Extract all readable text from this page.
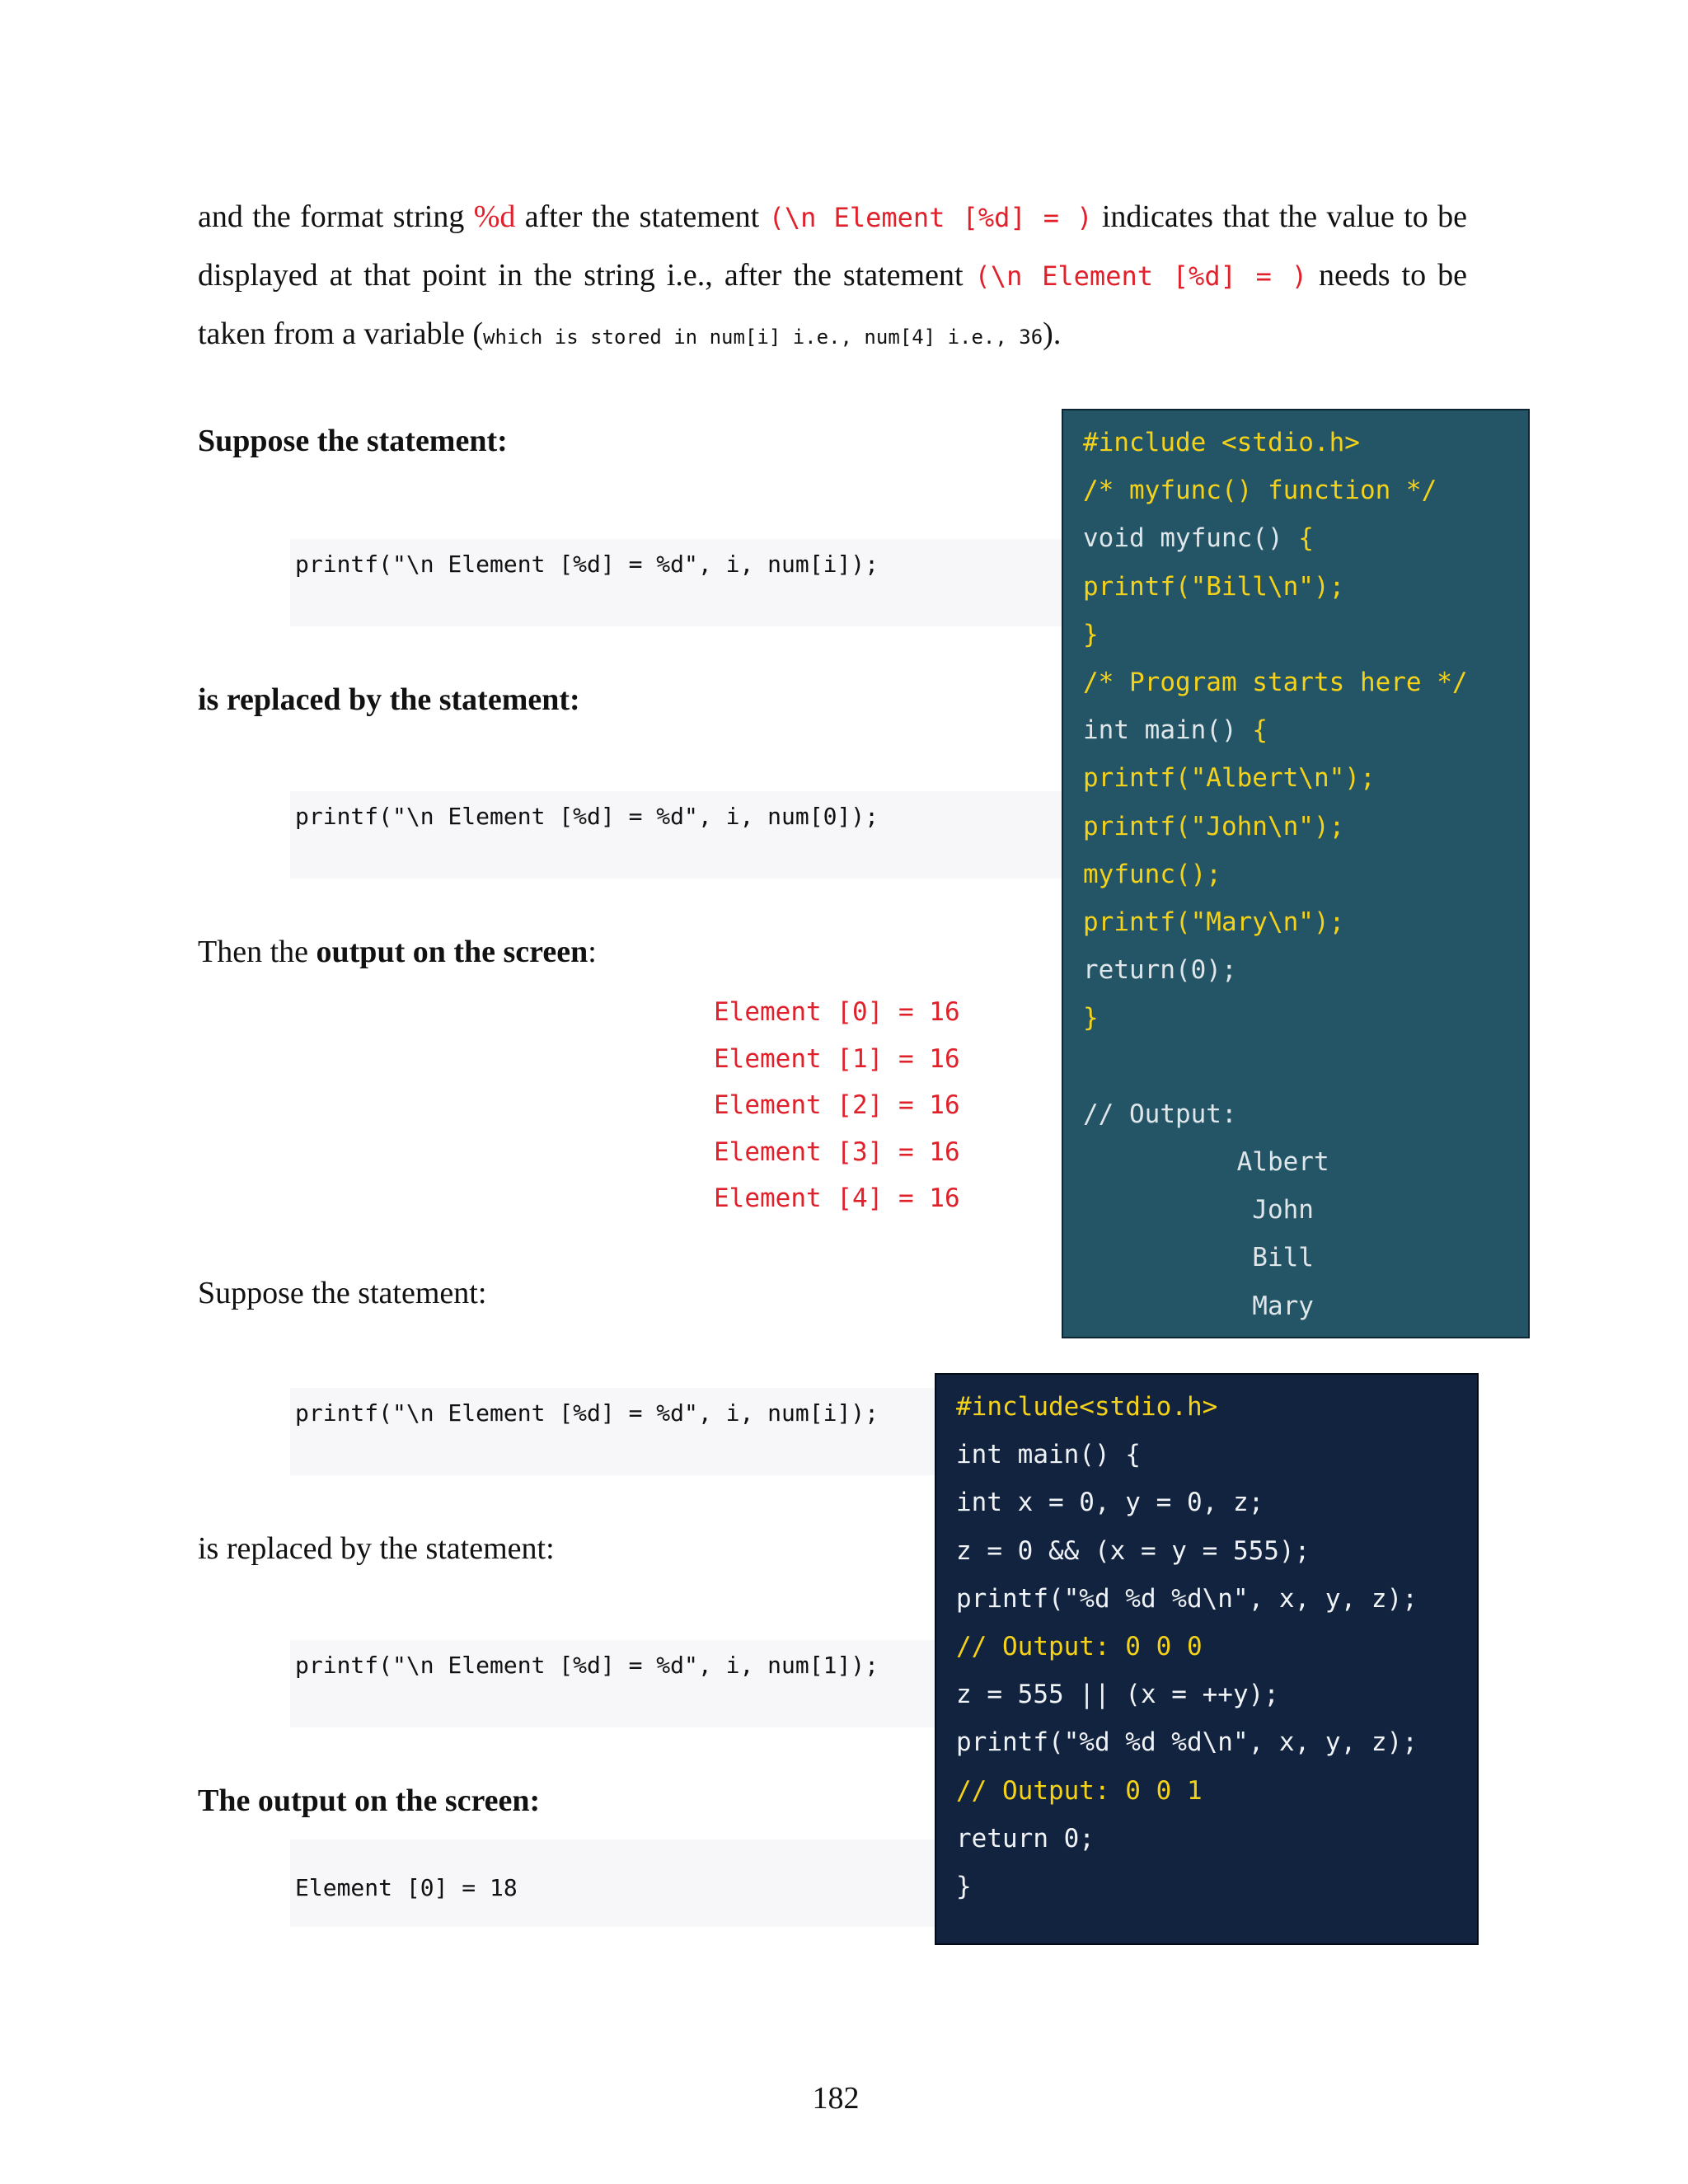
and the format string %d after the statement (\n Element [%d] = ) indicates that the value to be displayed at that point in the string i.e., after the statement (\n Element [%d] = ) needs to be taken from a variable (which is stored in num[i] i.e., num[4] i.e., 36).
Suppose the statement:
printf("\n Element [%d] = %d", i, num[i]);
is replaced by the statement:
printf("\n Element [%d] = %d", i, num[0]);
Then the output on the screen:
Element [0] = 16
Element [1] = 16
Element [2] = 16
Element [3] = 16
Element [4] = 16
Suppose the statement:
printf("\n Element [%d] = %d", i, num[i]);
is replaced by the statement:
printf("\n Element [%d] = %d", i, num[1]);
The output on the screen:
Element [0] = 18
#include <stdio.h>
/* myfunc() function */
void myfunc() {
printf("Bill\n");
}
/* Program starts here */
int main() {
printf("Albert\n");
printf("John\n");
myfunc();
printf("Mary\n");
return(0);
}
// Output:
Albert
John
Bill
Mary
#include<stdio.h>
int main() {
int x = 0, y = 0, z;
z = 0 && (x = y = 555);
printf("%d %d %d\n", x, y, z);
// Output: 0 0 0
z = 555 || (x = ++y);
printf("%d %d %d\n", x, y, z);
// Output: 0 0 1
return 0;
}
182
